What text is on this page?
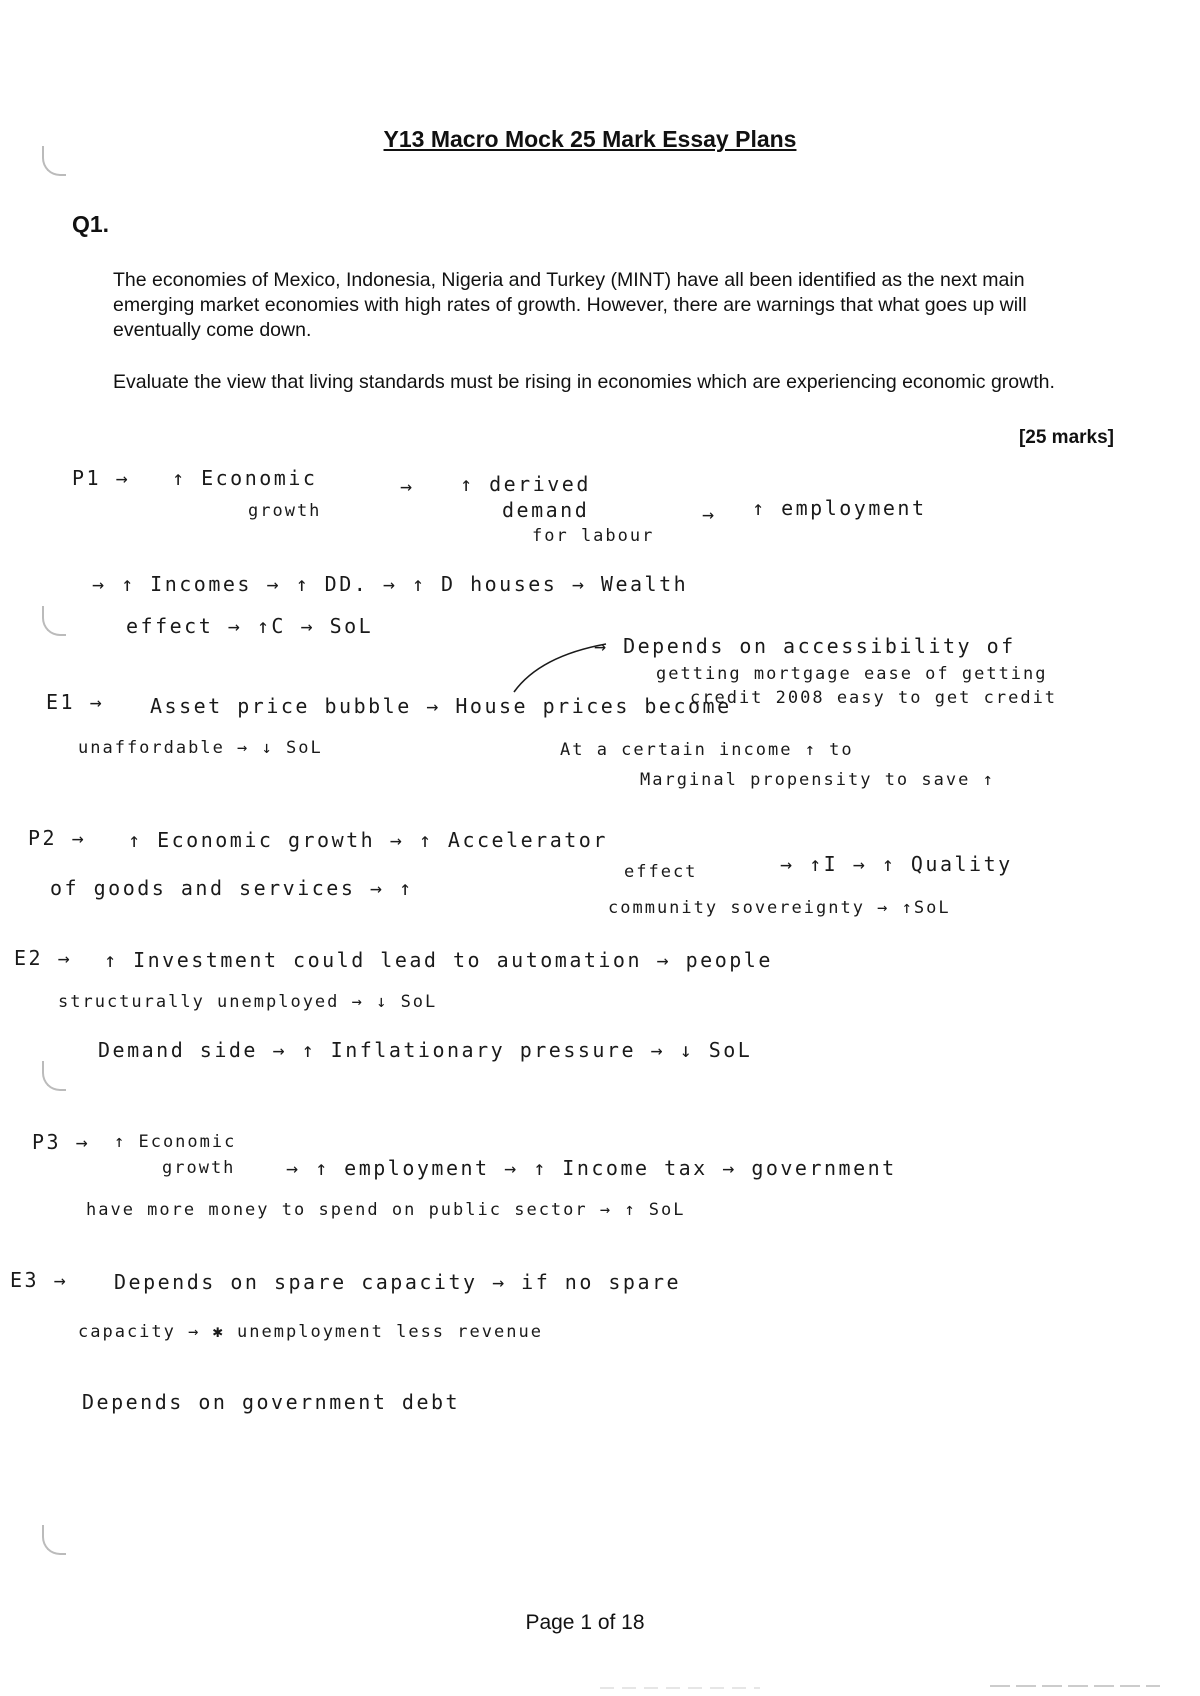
Y13 Macro Mock 25 Mark Essay Plans
Q1.
The economies of Mexico, Indonesia, Nigeria and Turkey (MINT) have all been identified as the next main emerging market economies with high rates of growth. However, there are warnings that what goes up will eventually come down.
Evaluate the view that living standards must be rising in economies which are experiencing economic growth.
[25 marks]
P1 → ↑ Economic	→ ↑ derived
growth	demand	→ ↑ employment
for labour
→ ↑ Incomes → ↑ DD. → ↑ D houses → Wealth
effect → ↑C → SoL
→ Depends on accessibility of
getting mortgage ease of getting
credit 2008 easy to get credit
E1 → Asset price bubble → House prices become
unaffordable → ↓ SoL	At a certain income ↑ to
Marginal propensity to save ↑
P2 → ↑ Economic growth → ↑ Accelerator
→ ↑I → ↑ Quality
effect
of goods and services → ↑
community sovereignty → ↑SoL
E2 → ↑ Investment could lead to automation → people
structurally unemployed → ↓ SoL
Demand side → ↑ Inflationary pressure → ↓ SoL
P3 → ↑ Economic
growth	→ ↑ employment → ↑ Income tax → government
have more money to spend on public sector → ↑ SoL
E3 → Depends on spare capacity → if no spare
capacity → ✱ unemployment less revenue
Depends on government debt
Page 1 of 18
